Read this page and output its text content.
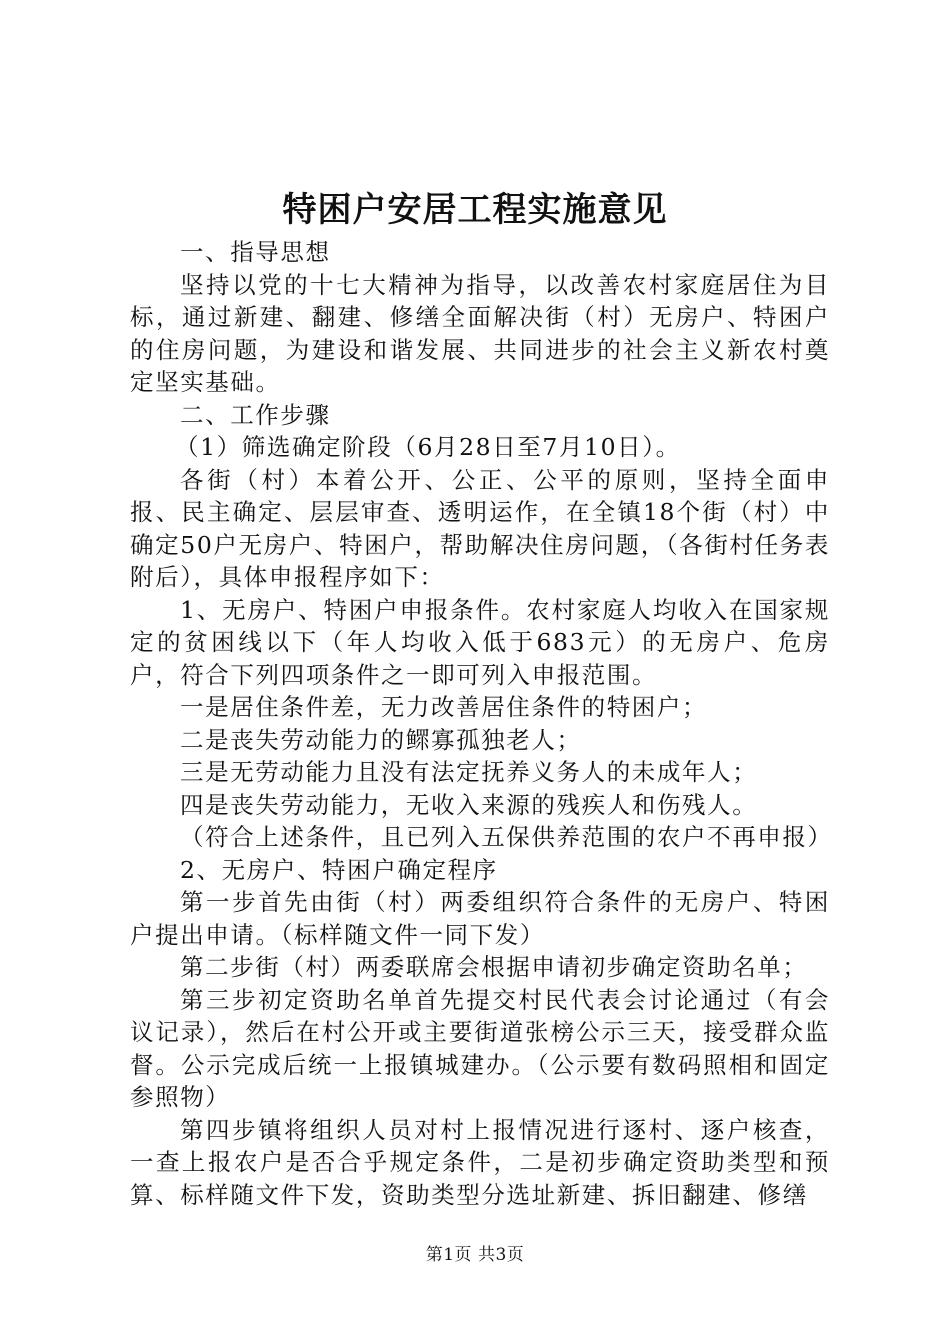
特困户安居工程实施意见

一、指导思想

坚持以党的十七大精神为指导，以改善农村家庭居住为目标，通过新建、翻建、修缮全面解决街（村）无房户、特困户的住房问题，为建设和谐发展、共同进步的社会主义新农村奠定坚实基础。

二、工作步骤

（1）筛选确定阶段（6月28日至7月10日）。

各街（村）本着公开、公正、公平的原则，坚持全面申报、民主确定、层层审查、透明运作，在全镇18个街（村）中确定50户无房户、特困户，帮助解决住房问题，（各街村任务表附后），具体申报程序如下：

1、无房户、特困户申报条件。农村家庭人均收入在国家规定的贫困线以下（年人均收入低于683元）的无房户、危房户，符合下列四项条件之一即可列入申报范围。

一是居住条件差，无力改善居住条件的特困户；

二是丧失劳动能力的鳏寡孤独老人；

三是无劳动能力且没有法定抚养义务人的未成年人；

四是丧失劳动能力，无收入来源的残疾人和伤残人。

（符合上述条件，且已列入五保供养范围的农户不再申报）

2、无房户、特困户确定程序

第一步首先由街（村）两委组织符合条件的无房户、特困户提出申请。（标样随文件一同下发）

第二步街（村）两委联席会根据申请初步确定资助名单；

第三步初定资助名单首先提交村民代表会讨论通过（有会议记录），然后在村公开或主要街道张榜公示三天，接受群众监督。公示完成后统一上报镇城建办。（公示要有数码照相和固定参照物）

第四步镇将组织人员对村上报情况进行逐村、逐户核查，一查上报农户是否合乎规定条件，二是初步确定资助类型和预算、标样随文件下发，资助类型分选址新建、拆旧翻建、修缮

第1页 共3页
